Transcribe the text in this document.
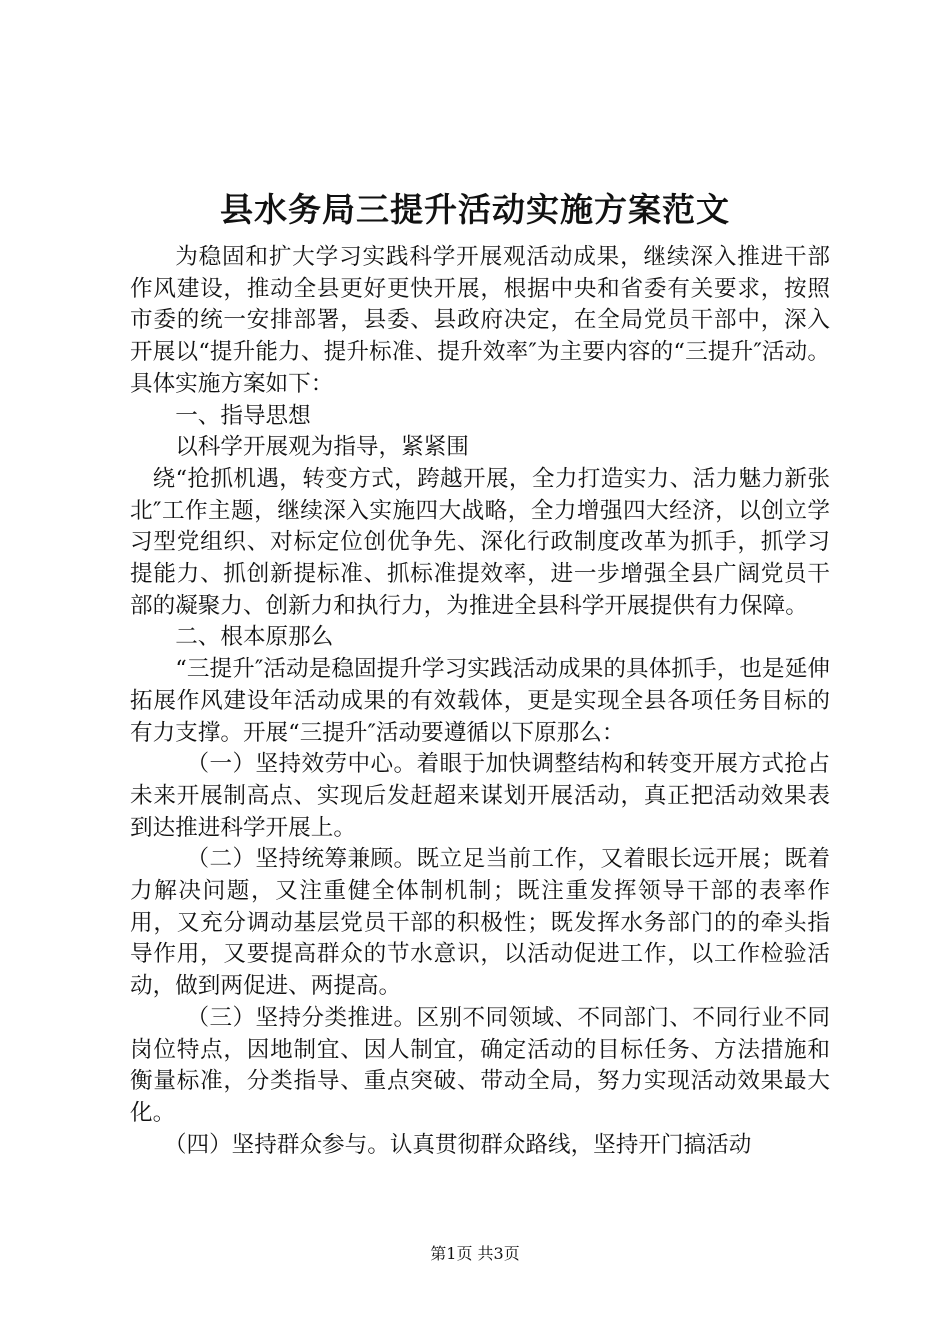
县水务局三提升活动实施方案范文

为稳固和扩大学习实践科学开展观活动成果，继续深入推进干部作风建设，推动全县更好更快开展，根据中央和省委有关要求，按照市委的统一安排部署，县委、县政府决定，在全局党员干部中，深入开展以“提升能力、提升标准、提升效率″为主要内容的“三提升″活动。具体实施方案如下：

一、指导思想

以科学开展观为指导，紧紧围

绕“抢抓机遇，转变方式，跨越开展，全力打造实力、活力魅力新张北″工作主题，继续深入实施四大战略，全力增强四大经济，以创立学习型党组织、对标定位创优争先、深化行政制度改革为抓手，抓学习提能力、抓创新提标准、抓标准提效率，进一步增强全县广阔党员干部的凝聚力、创新力和执行力，为推进全县科学开展提供有力保障。

二、根本原那么

“三提升″活动是稳固提升学习实践活动成果的具体抓手，也是延伸拓展作风建设年活动成果的有效载体，更是实现全县各项任务目标的有力支撑。开展“三提升″活动要遵循以下原那么：

（一）坚持效劳中心。着眼于加快调整结构和转变开展方式抢占未来开展制高点、实现后发赶超来谋划开展活动，真正把活动效果表到达推进科学开展上。

（二）坚持统筹兼顾。既立足当前工作，又着眼长远开展；既着力解决问题，又注重健全体制机制；既注重发挥领导干部的表率作用，又充分调动基层党员干部的积极性；既发挥水务部门的的牵头指导作用，又要提高群众的节水意识，以活动促进工作，以工作检验活动，做到两促进、两提高。

（三）坚持分类推进。区别不同领域、不同部门、不同行业不同岗位特点，因地制宜、因人制宜，确定活动的目标任务、方法措施和衡量标准，分类指导、重点突破、带动全局，努力实现活动效果最大化。

（四）坚持群众参与。认真贯彻群众路线，坚持开门搞活动

第1页 共3页
